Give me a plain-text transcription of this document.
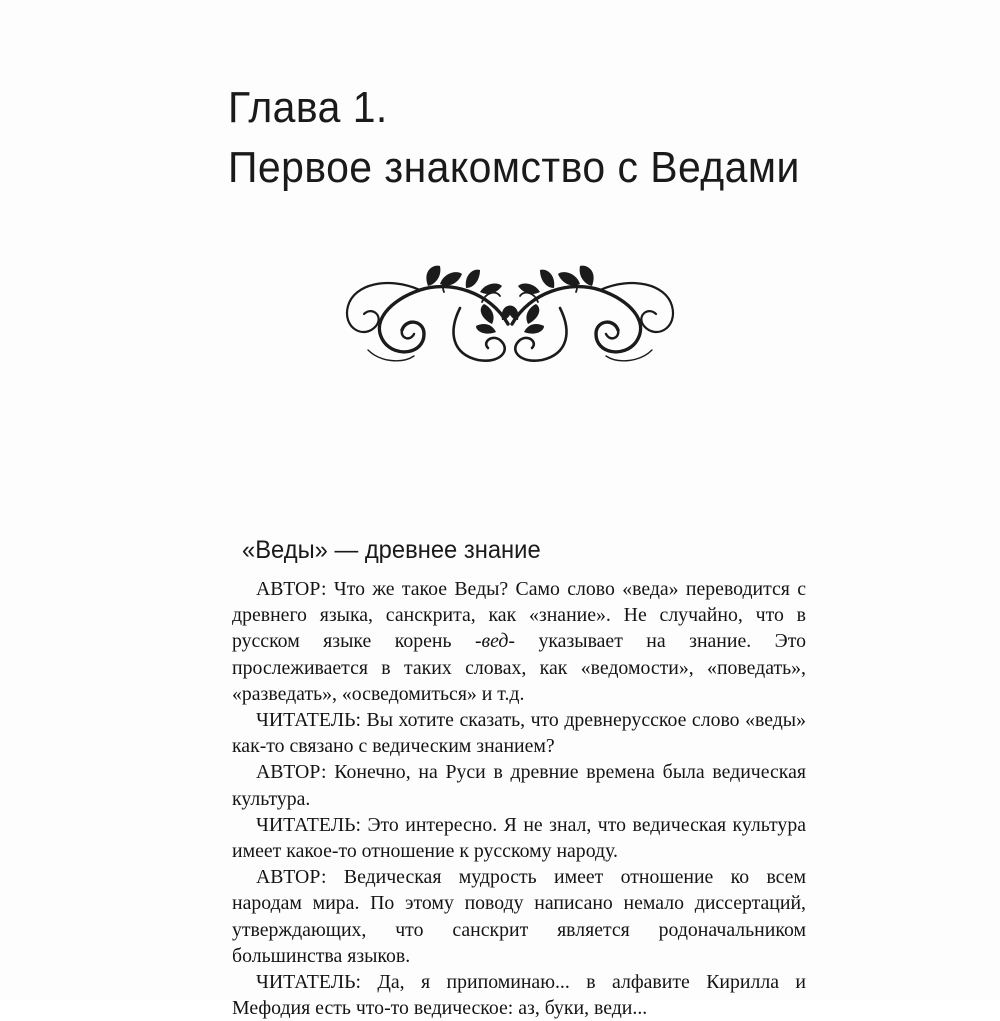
Глава 1.
Первое знакомство с Ведами
«Веды» — древнее знание

АВТОР: Что же такое Веды? Само слово «веда» переводится с древнего языка, санскрита, как «знание». Не случайно, что в русском языке корень -вед- указывает на знание. Это прослеживается в таких словах, как «ведомости», «поведать», «разведать», «осведомиться» и т.д.

ЧИТАТЕЛЬ: Вы хотите сказать, что древнерусское слово «веды» как-то связано с ведическим знанием?

АВТОР: Конечно, на Руси в древние времена была ведическая культура.

ЧИТАТЕЛЬ: Это интересно. Я не знал, что ведическая культура имеет какое-то отношение к русскому народу.

АВТОР: Ведическая мудрость имеет отношение ко всем народам мира. По этому поводу написано немало диссертаций, утверждающих, что санскрит является родоначальником большинства языков.

ЧИТАТЕЛЬ: Да, я припоминаю... в алфавите Кирилла и Мефодия есть что-то ведическое: аз, буки, веди...
